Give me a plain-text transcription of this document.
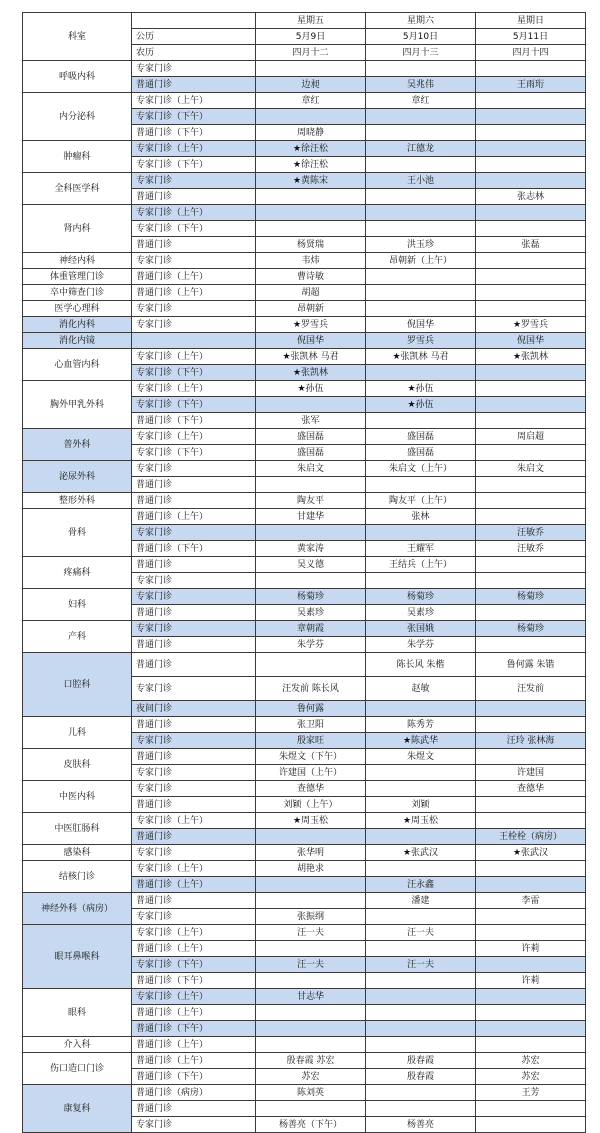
科室		星期五	星期六	星期日
	公历	5月9日	5月10日	5月11日
	农历	四月十二	四月十三	四月十四
呼吸内科	专家门诊			
	普通门诊	边昶	吴兆伟	王雨珩
内分泌科	专家门诊（上午）	章红	章红	
	专家门诊（下午）			
	普通门诊（下午）	周晓静		
肿瘤科	专家门诊（上午）	★徐汪松	江德龙	
	专家门诊（下午）	★徐汪松		
全科医学科	专家门诊	★黄陈宋	王小池	
	普通门诊			张志林
肾内科	专家门诊（上午）			
	专家门诊（下午）			
	普通门诊	杨贤瑞	洪玉珍	张磊
神经内科	专家门诊	韦炜	昂朝新（上午）	
体重管理门诊	普通门诊（上午）	曹诗敏		
卒中筛查门诊	普通门诊（上午）	胡超		
医学心理科	专家门诊	昂朝新		
消化内科	专家门诊	★罗雪兵	倪国华	★罗雪兵
消化内镜		倪国华	罗雪兵	倪国华
心血管内科	专家门诊（上午）	★张凯林 马君	★张凯林 马君	★张凯林
	专家门诊（下午）	★张凯林		
胸外甲乳外科	专家门诊（上午）	★孙伍	★孙伍	
	专家门诊（下午）		★孙伍	
	普通门诊（下午）	张军		
普外科	专家门诊（上午）	盛国磊	盛国磊	周启超
	专家门诊（下午）	盛国磊	盛国磊	
泌尿外科	专家门诊	朱启文	朱启文（上午）	朱启文
	普通门诊			
整形外科	普通门诊	陶友平	陶友平（上午）	
骨科	普通门诊（上午）	甘建华	张林	
	专家门诊			汪敏乔
	普通门诊（下午）	黄家涛	王耀军	汪敏乔
疼痛科	普通门诊	吴义德	王结兵（上午）	
	专家门诊			
妇科	专家门诊	杨菊珍	杨菊珍	杨菊珍
	普通门诊	吴素珍	吴素珍	
产科	专家门诊	章朝霞	张国娥	杨菊珍
	普通门诊	朱学芬	朱学芬	
口腔科	普通门诊		陈长风 朱楷	鲁何露 朱锴
	专家门诊	汪发前 陈长风	赵敏	汪发前
	夜间门诊	鲁何露		
儿科	普通门诊	张卫阳	陈秀芳	
	专家门诊	殷家旺	★陈武华	汪玲 张林海
皮肤科	普通门诊	朱煜文（下午）	朱煜文	
	专家门诊	许建国（上午）		许建国
中医内科	专家门诊	查德华		查德华
	普通门诊	刘颖（上午）	刘颖	
中医肛肠科	专家门诊（上午）	★周玉松	★周玉松	
	普通门诊			王栓栓（病房）
感染科	专家门诊	张华明	★张武汉	★张武汉
结核门诊	专家门诊（上午）	胡艳求		
	普通门诊（上午）		汪永鑫	
神经外科（病房）	普通门诊		潘建	李雷
	专家门诊	张振纲		
眼耳鼻喉科	专家门诊（上午）	汪一夫	汪一夫	
	普通门诊（上午）			许莉
	专家门诊（下午）	汪一夫	汪一夫	
	普通门诊（下午）			许莉
眼科	专家门诊（上午）	甘志华		
	普通门诊（上午）			
	普通门诊（下午）			
介入科	普通门诊（上午）			
伤口造口门诊	普通门诊（上午）	殷春霞 苏宏	殷春霞	苏宏
	普通门诊（下午）	苏宏	殷春霞	苏宏
康复科	普通门诊（病房）	陈刘英		王芳
	普通门诊			
	专家门诊	杨善亮（下午）	杨善亮	
